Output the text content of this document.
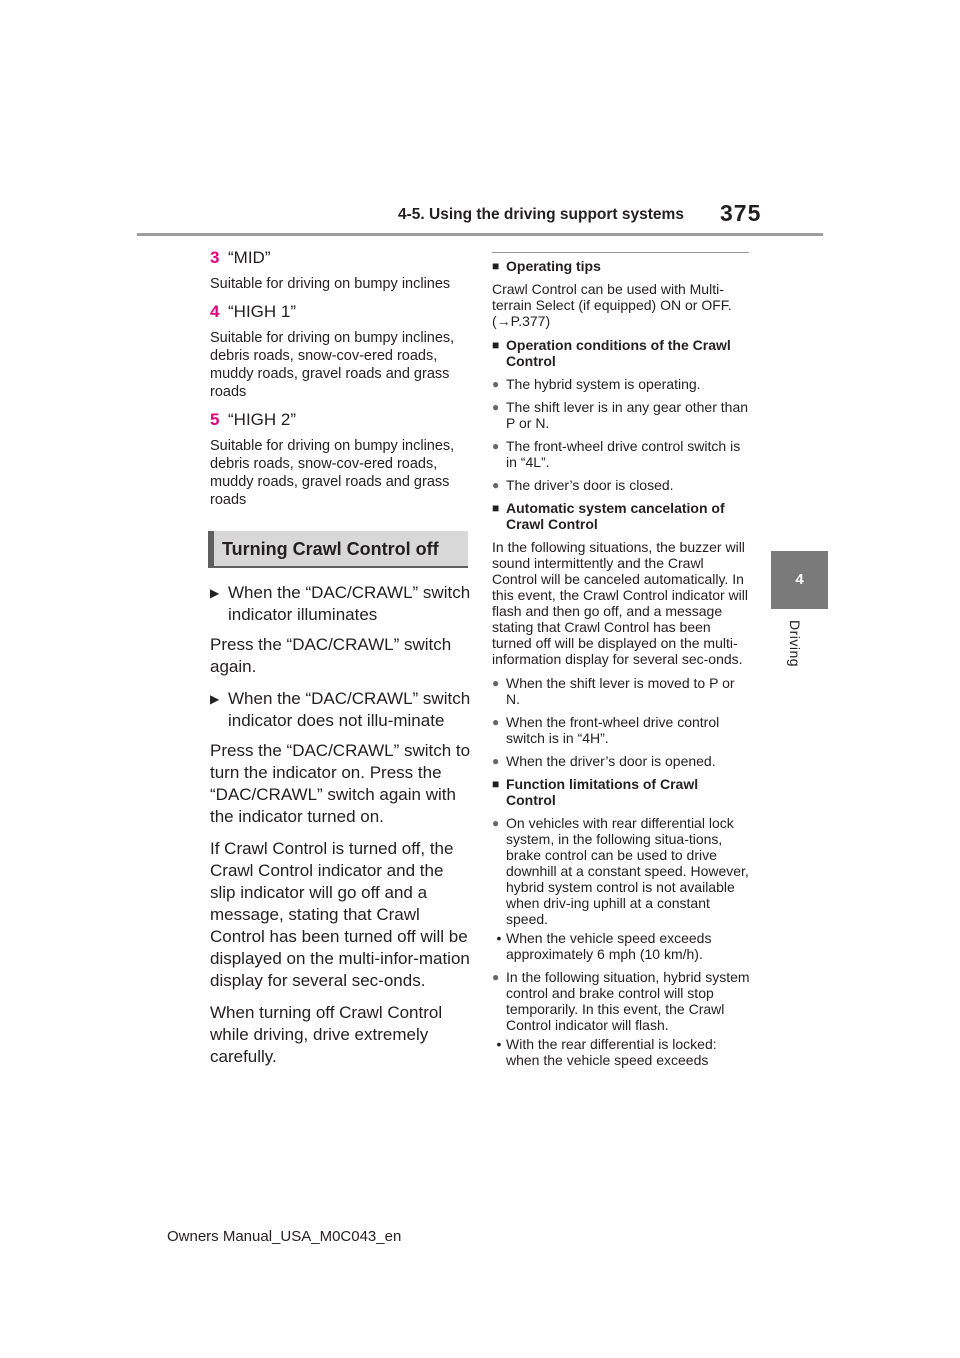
4-5. Using the driving support systems 375
4
Driving
3 “MID”
Suitable for driving on bumpy inclines
4 “HIGH 1”
Suitable for driving on bumpy inclines, debris roads, snow-cov-ered roads, muddy roads, gravel roads and grass roads
5 “HIGH 2”
Suitable for driving on bumpy inclines, debris roads, snow-cov-ered roads, muddy roads, gravel roads and grass roads
Turning Crawl Control off
▶ When the “DAC/CRAWL” switch indicator illuminates

Press the “DAC/CRAWL” switch again.

▶ When the “DAC/CRAWL” switch indicator does not illu-minate

Press the “DAC/CRAWL” switch to turn the indicator on. Press the “DAC/CRAWL” switch again with the indicator turned on.

If Crawl Control is turned off, the Crawl Control indicator and the slip indicator will go off and a message, stating that Crawl Control has been turned off will be displayed on the multi-infor-mation display for several sec-onds.

When turning off Crawl Control while driving, drive extremely carefully.

■ Operating tips

Crawl Control can be used with Multi-terrain Select (if equipped) ON or OFF. (→P.377)

■ Operation conditions of the Crawl Control
● The hybrid system is operating.
● The shift lever is in any gear other than P or N.
● The front-wheel drive control switch is in “4L”.
● The driver’s door is closed.
■ Automatic system cancelation of Crawl Control

In the following situations, the buzzer will sound intermittently and the Crawl Control will be canceled automatically. In this event, the Crawl Control indicator will flash and then go off, and a message stating that Crawl Control has been turned off will be displayed on the multi-information display for several sec-onds.

● When the shift lever is moved to P or N.
● When the front-wheel drive control switch is in “4H”.
● When the driver’s door is opened.
■ Function limitations of Crawl Control
● On vehicles with rear differential lock system, in the following situa-tions, brake control can be used to drive downhill at a constant speed. However, hybrid system control is not available when driv-ing uphill at a constant speed.
• When the vehicle speed exceeds approximately 6 mph (10 km/h).
● In the following situation, hybrid system control and brake control will stop temporarily. In this event, the Crawl Control indicator will flash.
• With the rear differential is locked: when the vehicle speed exceeds
Owners Manual_USA_M0C043_en
